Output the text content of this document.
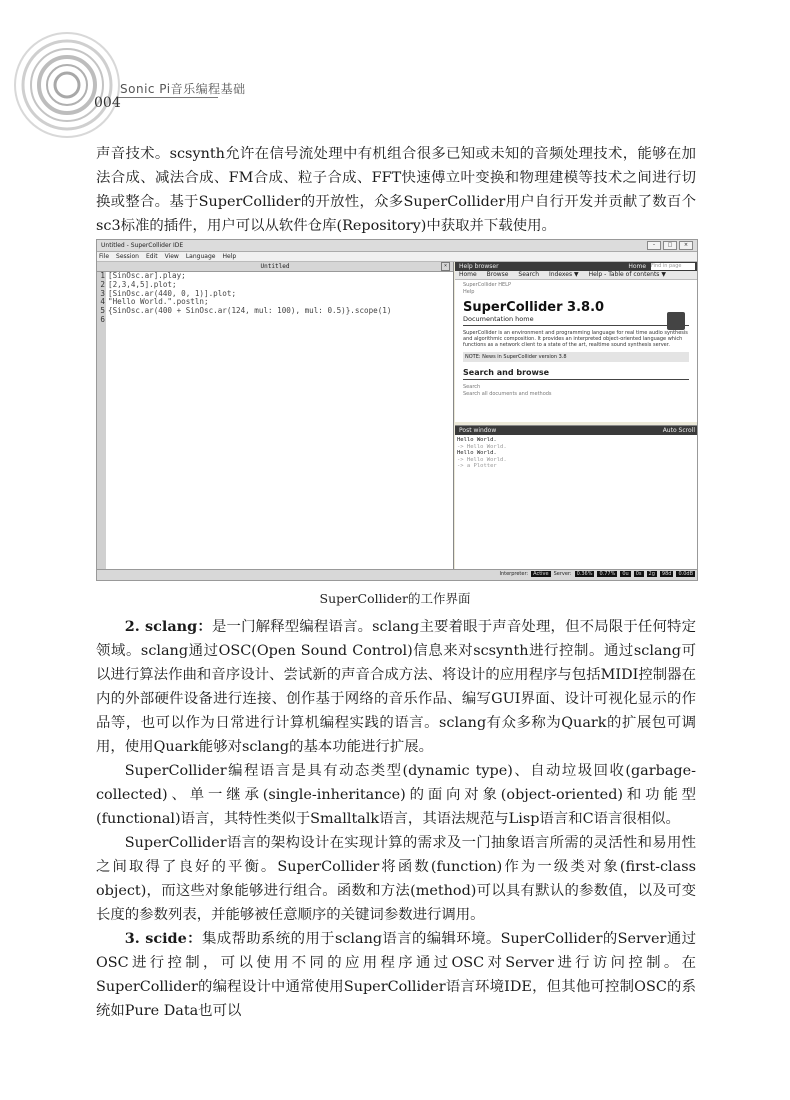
Sonic Pi音乐编程基础
004

声音技术。scsynth允许在信号流处理中有机组合很多已知或未知的音频处理技术，能够在加法合成、减法合成、FM合成、粒子合成、FFT快速傅立叶变换和物理建模等技术之间进行切换或整合。基于SuperCollider的开放性，众多SuperCollider用户自行开发并贡献了数百个sc3标准的插件，用户可以从软件仓库(Repository)中获取并下载使用。

Untitled - SuperCollider IDE	–	□	×
File Session Edit View Language Help
Untitled	×
1
2
3
4
5
6
[SinOsc.ar].play;
[2,3,4,5].plot;
[SinOsc.ar(440, 0, 1)].plot;
"Hello World.".postln;
{SinOsc.ar(400 + SinOsc.ar(124, mul: 100), mul: 0.5)}.scope(1)
Help browser	Home Find in page
Home Browse Search Indexes ▼ Help - Table of contents ▼
SuperCollider HELP
Help
SuperCollider 3.8.0
Documentation home
SuperCollider is an environment and programming language for real time audio synthesis and algorithmic composition. It provides an interpreted object-oriented language which functions as a network client to a state of the art, realtime sound synthesis server.
NOTE: News in SuperCollider version 3.8
Search and browse
Search
Search all documents and methods
Post window	Auto Scroll
Hello World.
-> Hello World.
Hello World.
-> Hello World.
-> a Plotter
Interpreter:	Active	Server:	0.36%	0.77%	0u	0s	2g	98d	0.0dB
SuperCollider的工作界面

2. sclang：是一门解释型编程语言。sclang主要着眼于声音处理，但不局限于任何特定领域。sclang通过OSC(Open Sound Control)信息来对scsynth进行控制。通过sclang可以进行算法作曲和音序设计、尝试新的声音合成方法、将设计的应用程序与包括MIDI控制器在内的外部硬件设备进行连接、创作基于网络的音乐作品、编写GUI界面、设计可视化显示的作品等，也可以作为日常进行计算机编程实践的语言。sclang有众多称为Quark的扩展包可调用，使用Quark能够对sclang的基本功能进行扩展。

SuperCollider编程语言是具有动态类型(dynamic type)、自动垃圾回收(garbage-collected)、单一继承(single-inheritance)的面向对象(object-oriented)和功能型(functional)语言，其特性类似于Smalltalk语言，其语法规范与Lisp语言和C语言很相似。

SuperCollider语言的架构设计在实现计算的需求及一门抽象语言所需的灵活性和易用性之间取得了良好的平衡。SuperCollider将函数(function)作为一级类对象(first-class object)，而这些对象能够进行组合。函数和方法(method)可以具有默认的参数值，以及可变长度的参数列表，并能够被任意顺序的关键词参数进行调用。

3. scide：集成帮助系统的用于sclang语言的编辑环境。SuperCollider的Server通过OSC进行控制，可以使用不同的应用程序通过OSC对Server进行访问控制。在SuperCollider的编程设计中通常使用SuperCollider语言环境IDE，但其他可控制OSC的系统如Pure Data也可以
